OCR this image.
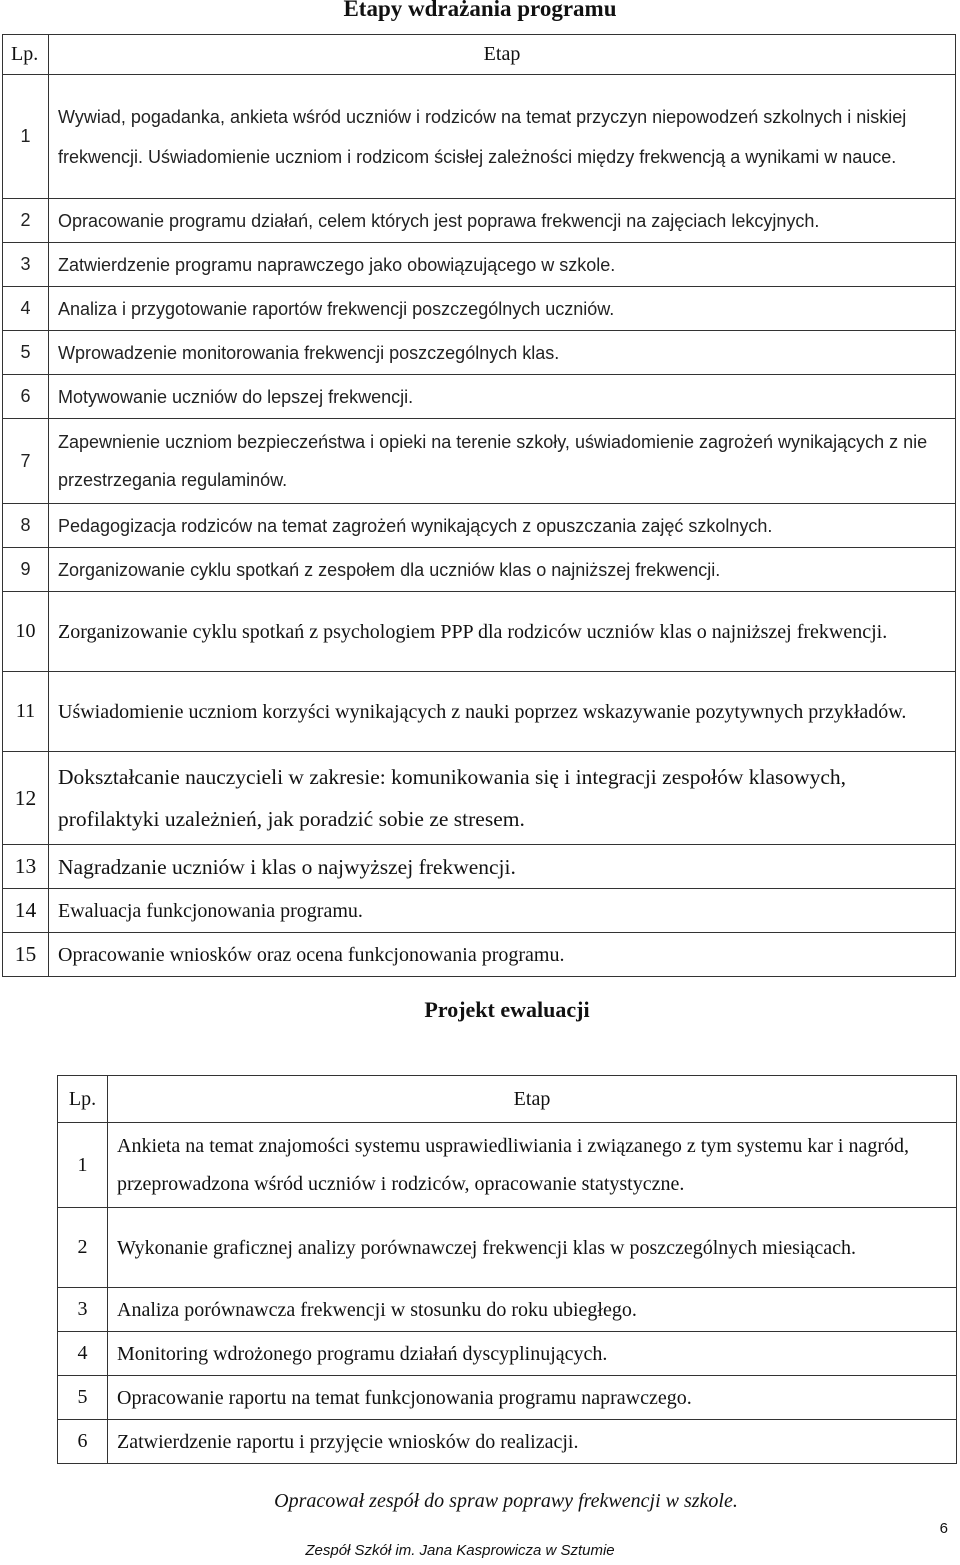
Etapy wdrażania programu
Lp.	Etap
1	Wywiad, pogadanka, ankieta wśród uczniów i rodziców na temat przyczyn niepowodzeń szkolnych i niskiej frekwencji. Uświadomienie uczniom i rodzicom ścisłej zależności między frekwencją a wynikami w nauce.
2	Opracowanie programu działań, celem których jest poprawa frekwencji na zajęciach lekcyjnych.
3	Zatwierdzenie programu naprawczego jako obowiązującego w szkole.
4	Analiza i przygotowanie raportów frekwencji poszczególnych uczniów.
5	Wprowadzenie monitorowania frekwencji poszczególnych klas.
6	Motywowanie uczniów do lepszej frekwencji.
7	Zapewnienie uczniom bezpieczeństwa i opieki na terenie szkoły, uświadomienie zagrożeń wynikających z nie przestrzegania regulaminów.
8	Pedagogizacja rodziców na temat zagrożeń wynikających z opuszczania zajęć szkolnych.
9	Zorganizowanie cyklu spotkań z zespołem dla uczniów klas o najniższej frekwencji.
10	Zorganizowanie cyklu spotkań z psychologiem PPP dla rodziców uczniów klas o najniższej frekwencji.
11	Uświadomienie uczniom korzyści wynikających z nauki poprzez wskazywanie pozytywnych przykładów.
12	Dokształcanie nauczycieli w zakresie: komunikowania się i integracji zespołów klasowych, profilaktyki uzależnień, jak poradzić sobie ze stresem.
13	Nagradzanie uczniów i klas o najwyższej frekwencji.
14	Ewaluacja funkcjonowania programu.
15	Opracowanie wniosków oraz ocena funkcjonowania programu.
Projekt ewaluacji
Lp.	Etap
1	Ankieta na temat znajomości systemu usprawiedliwiania i związanego z tym systemu kar i nagród, przeprowadzona wśród uczniów i rodziców, opracowanie statystyczne.
2	Wykonanie graficznej analizy porównawczej frekwencji klas w poszczególnych miesiącach.
3	Analiza porównawcza frekwencji w stosunku do roku ubiegłego.
4	Monitoring wdrożonego programu działań dyscyplinujących.
5	Opracowanie raportu na temat funkcjonowania programu naprawczego.
6	Zatwierdzenie raportu i przyjęcie wniosków do realizacji.
Opracował zespół do spraw poprawy frekwencji w szkole.
6
Zespół Szkół im. Jana Kasprowicza w Sztumie
